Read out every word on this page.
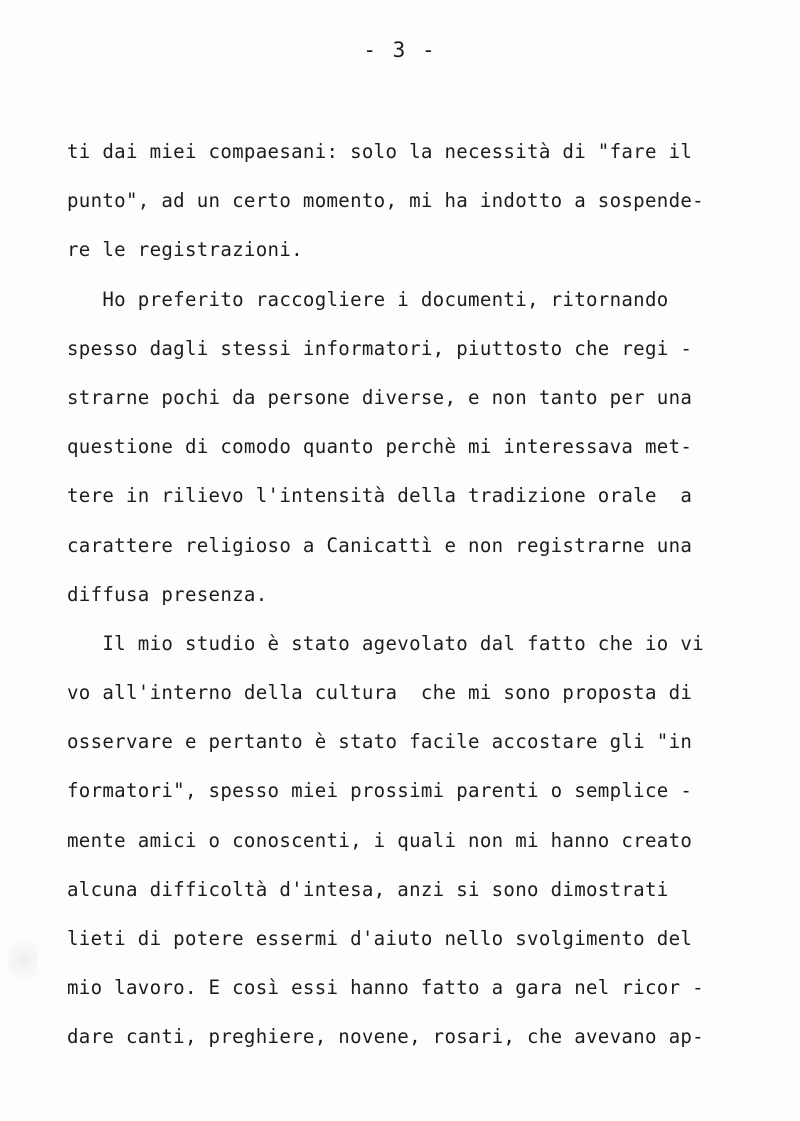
- 3 -
ti dai miei compaesani: solo la necessità di "fare il
punto", ad un certo momento, mi ha indotto a sospende-
re le registrazioni.
Ho preferito raccogliere i documenti, ritornando
spesso dagli stessi informatori, piuttosto che regi -
strarne pochi da persone diverse, e non tanto per una
questione di comodo quanto perchè mi interessava met-
tere in rilievo l'intensità della tradizione orale  a
carattere religioso a Canicattì e non registrarne una
diffusa presenza.
Il mio studio è stato agevolato dal fatto che io vi
vo all'interno della cultura  che mi sono proposta di
osservare e pertanto è stato facile accostare gli "in
formatori", spesso miei prossimi parenti o semplice -
mente amici o conoscenti, i quali non mi hanno creato
alcuna difficoltà d'intesa, anzi si sono dimostrati
lieti di potere essermi d'aiuto nello svolgimento del
mio lavoro. E così essi hanno fatto a gara nel ricor -
dare canti, preghiere, novene, rosari, che avevano ap-
